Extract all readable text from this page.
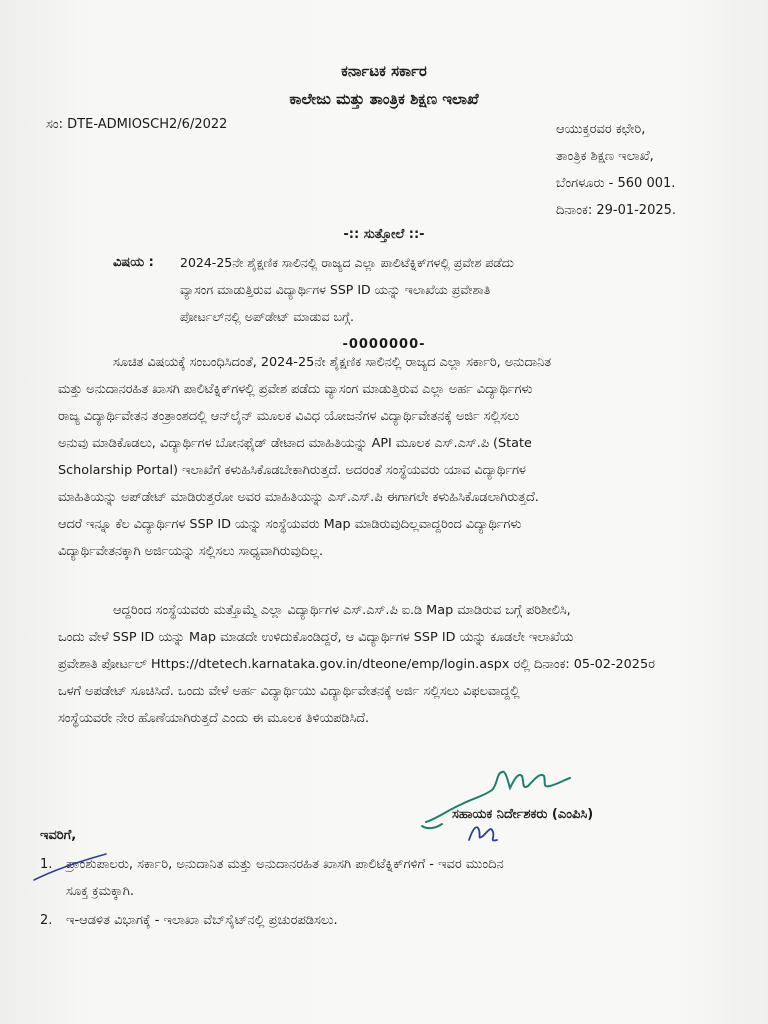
ಕರ್ನಾಟಕ ಸರ್ಕಾರ
ಕಾಲೇಜು ಮತ್ತು ತಾಂತ್ರಿಕ ಶಿಕ್ಷಣ ಇಲಾಖೆ
ಸಂ: DTE-ADMIOSCH2/6/2022	ಆಯುಕ್ತರವರ ಕಛೇರಿ,
ತಾಂತ್ರಿಕ ಶಿಕ್ಷಣ ಇಲಾಖೆ,
ಬೆಂಗಳೂರು - 560 001.
ದಿನಾಂಕ: 29-01-2025.
-:: ಸುತ್ತೋಲೆ ::-
ವಿಷಯ : 2024-25ನೇ ಶೈಕ್ಷಣಿಕ ಸಾಲಿನಲ್ಲಿ ರಾಜ್ಯದ ಎಲ್ಲಾ ಪಾಲಿಟೆಕ್ನಿಕ್‌ಗಳಲ್ಲಿ ಪ್ರವೇಶ ಪಡೆದು
ವ್ಯಾಸಂಗ ಮಾಡುತ್ತಿರುವ ವಿದ್ಯಾರ್ಥಿಗಳ SSP ID ಯನ್ನು ಇಲಾಖೆಯ ಪ್ರವೇಶಾತಿ
ಪೋರ್ಟಲ್‌ನಲ್ಲಿ ಅಪ್‌ಡೇಟ್ ಮಾಡುವ ಬಗ್ಗೆ.
-0000000-
ಸೂಚಿತ ವಿಷಯಕ್ಕೆ ಸಂಬಂಧಿಸಿದಂತೆ, 2024-25ನೇ ಶೈಕ್ಷಣಿಕ ಸಾಲಿನಲ್ಲಿ ರಾಜ್ಯದ ಎಲ್ಲಾ ಸರ್ಕಾರಿ, ಅನುದಾನಿತ
ಮತ್ತು ಅನುದಾನರಹಿತ ಖಾಸಗಿ ಪಾಲಿಟೆಕ್ನಿಕ್‌ಗಳಲ್ಲಿ ಪ್ರವೇಶ ಪಡೆದು ವ್ಯಾಸಂಗ ಮಾಡುತ್ತಿರುವ ಎಲ್ಲಾ ಅರ್ಹ ವಿದ್ಯಾರ್ಥಿಗಳು
ರಾಜ್ಯ ವಿದ್ಯಾರ್ಥಿವೇತನ ತಂತ್ರಾಂಶದಲ್ಲಿ ಆನ್‌ಲೈನ್ ಮೂಲಕ ವಿವಿಧ ಯೋಜನೆಗಳ ವಿದ್ಯಾರ್ಥಿವೇತನಕ್ಕೆ ಅರ್ಜಿ ಸಲ್ಲಿಸಲು
ಅನುವು ಮಾಡಿಕೊಡಲು, ವಿದ್ಯಾರ್ಥಿಗಳ ಬೋನಫೈಡ್ ಡೇಟಾದ ಮಾಹಿತಿಯನ್ನು API ಮೂಲಕ ಎಸ್.ಎಸ್.ಪಿ (State
Scholarship Portal) ಇಲಾಖೆಗೆ ಕಳುಹಿಸಿಕೊಡಬೇಕಾಗಿರುತ್ತದೆ. ಅದರಂತೆ ಸಂಸ್ಥೆಯವರು ಯಾವ ವಿದ್ಯಾರ್ಥಿಗಳ
ಮಾಹಿತಿಯನ್ನು ಅಪ್‌ಡೇಟ್ ಮಾಡಿರುತ್ತರೋ ಅವರ ಮಾಹಿತಿಯನ್ನು ಎಸ್.ಎಸ್.ಪಿ ಈಗಾಗಲೇ ಕಳುಹಿಸಿಕೊಡಲಾಗಿರುತ್ತದೆ.
ಆದರೆ ಇನ್ನೂ ಕೆಲ ವಿದ್ಯಾರ್ಥಿಗಳ SSP ID ಯನ್ನು ಸಂಸ್ಥೆಯವರು Map ಮಾಡಿರುವುದಿಲ್ಲವಾದ್ದರಿಂದ ವಿದ್ಯಾರ್ಥಿಗಳು
ವಿದ್ಯಾರ್ಥಿವೇತನಕ್ಕಾಗಿ ಅರ್ಜಿಯನ್ನು ಸಲ್ಲಿಸಲು ಸಾಧ್ಯವಾಗಿರುವುದಿಲ್ಲ.
ಆದ್ದರಿಂದ ಸಂಸ್ಥೆಯವರು ಮತ್ತೊಮ್ಮೆ ಎಲ್ಲಾ ವಿದ್ಯಾರ್ಥಿಗಳ ಎಸ್.ಎಸ್.ಪಿ ಐ.ಡಿ Map ಮಾಡಿರುವ ಬಗ್ಗೆ ಪರಿಶೀಲಿಸಿ,
ಒಂದು ವೇಳೆ SSP ID ಯನ್ನು Map ಮಾಡದೇ ಉಳಿದುಕೊಂಡಿದ್ದರೆ, ಆ ವಿದ್ಯಾರ್ಥಿಗಳ SSP ID ಯನ್ನು ಕೂಡಲೇ ಇಲಾಖೆಯ
ಪ್ರವೇಶಾತಿ ಪೋರ್ಟಲ್ Https://dtetech.karnataka.gov.in/dteone/emp/login.aspx ರಲ್ಲಿ ದಿನಾಂಕ: 05-02-2025ರ
ಒಳಗೆ ಅಪಡೇಟ್ ಸೂಚಿಸಿದೆ. ಒಂದು ವೇಳೆ ಅರ್ಹ ವಿದ್ಯಾರ್ಥಿಯು ವಿದ್ಯಾರ್ಥಿವೇತನಕ್ಕೆ ಅರ್ಜಿ ಸಲ್ಲಿಸಲು ವಿಫಲವಾದ್ದಲ್ಲಿ
ಸಂಸ್ಥೆಯವರೇ ನೇರ ಹೊಣೆಯಾಗಿರುತ್ತದೆ ಎಂದು ಈ ಮೂಲಕ ತಿಳಿಯಪಡಿಸಿದೆ.
ಸಹಾಯಕ ನಿರ್ದೇಶಕರು (ಎಂಪಿಸಿ)
ಇವರಿಗೆ,
1. ಪ್ರಾಂಶುಪಾಲರು, ಸರ್ಕಾರಿ, ಅನುದಾನಿತ ಮತ್ತು ಅನುದಾನರಹಿತ ಖಾಸಗಿ ಪಾಲಿಟೆಕ್ನಿಕ್‌ಗಳಿಗೆ - ಇವರ ಮುಂದಿನ
ಸೂಕ್ತ ಕ್ರಮಕ್ಕಾಗಿ.
2. ಇ-ಆಡಳಿತ ವಿಭಾಗಕ್ಕೆ - ಇಲಾಖಾ ವೆಬ್‌ಸೈಟ್‌ನಲ್ಲಿ ಪ್ರಚುರಪಡಿಸಲು.
